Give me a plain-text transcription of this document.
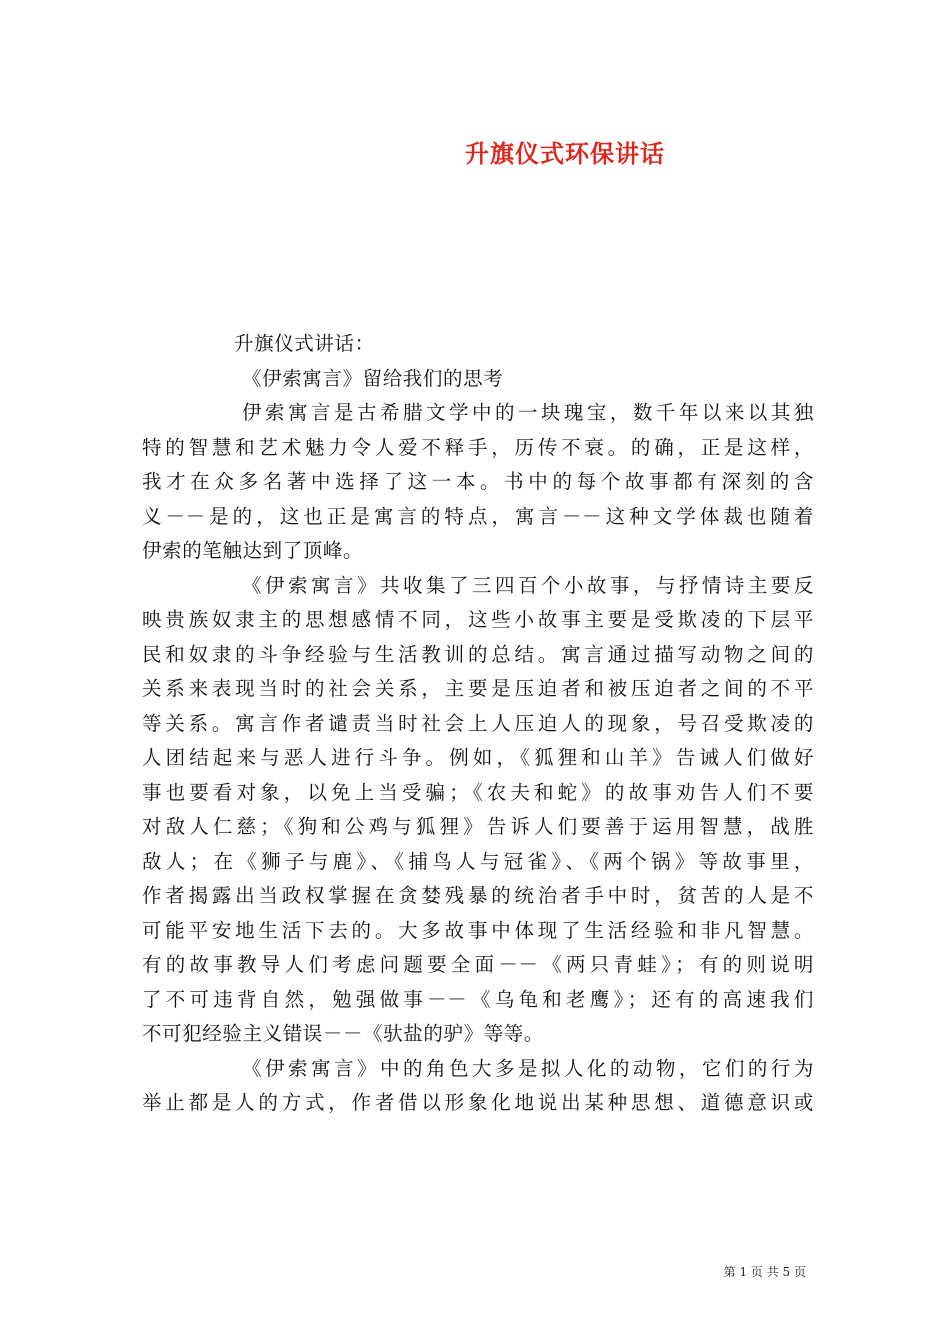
升旗仪式环保讲话
升旗仪式讲话：
《伊索寓言》留给我们的思考
伊索寓言是古希腊文学中的一块瑰宝，数千年以来以其独
特的智慧和艺术魅力令人爱不释手，历传不衰。的确，正是这样，
我才在众多名著中选择了这一本。书中的每个故事都有深刻的含
义－－是的，这也正是寓言的特点，寓言－－这种文学体裁也随着
伊索的笔触达到了顶峰。
《伊索寓言》共收集了三四百个小故事，与抒情诗主要反
映贵族奴隶主的思想感情不同，这些小故事主要是受欺凌的下层平
民和奴隶的斗争经验与生活教训的总结。寓言通过描写动物之间的
关系来表现当时的社会关系，主要是压迫者和被压迫者之间的不平
等关系。寓言作者谴责当时社会上人压迫人的现象，号召受欺凌的
人团结起来与恶人进行斗争。例如，《狐狸和山羊》告诫人们做好
事也要看对象，以免上当受骗；《农夫和蛇》的故事劝告人们不要
对敌人仁慈；《狗和公鸡与狐狸》告诉人们要善于运用智慧，战胜
敌人；在《狮子与鹿》、《捕鸟人与冠雀》、《两个锅》等故事里，
作者揭露出当政权掌握在贪婪残暴的统治者手中时，贫苦的人是不
可能平安地生活下去的。大多故事中体现了生活经验和非凡智慧。
有的故事教导人们考虑问题要全面－－《两只青蛙》；有的则说明
了不可违背自然，勉强做事－－《乌龟和老鹰》；还有的高速我们
不可犯经验主义错误－－《驮盐的驴》等等。
《伊索寓言》中的角色大多是拟人化的动物，它们的行为
举止都是人的方式，作者借以形象化地说出某种思想、道德意识或
第 1 页 共 5 页
